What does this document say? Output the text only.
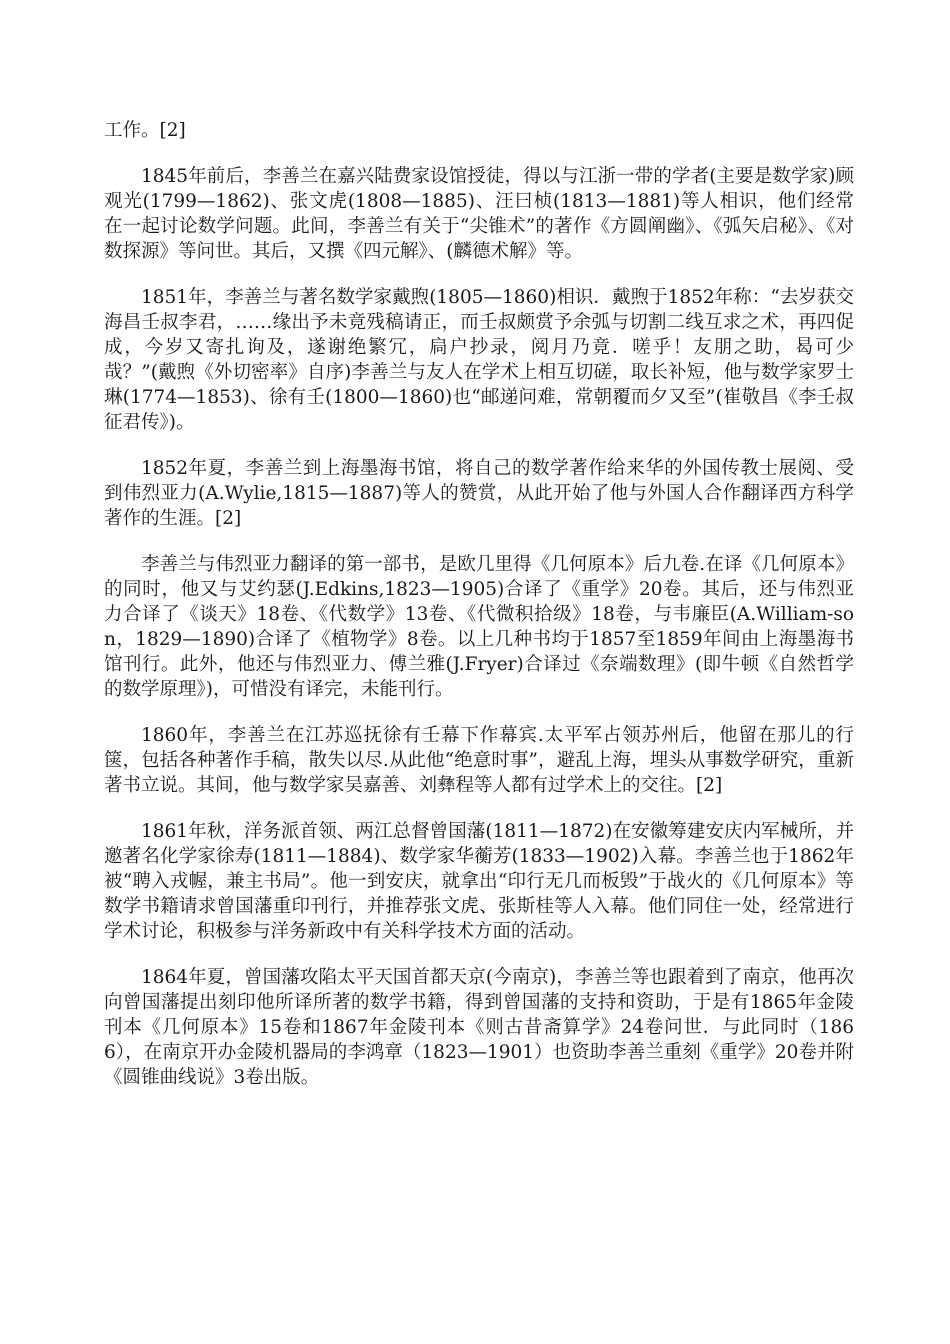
工作。[2]

1845年前后，李善兰在嘉兴陆费家设馆授徒，得以与江浙一带的学者(主要是数学家)顾观光(1799—1862)、张文虎(1808—1885)、汪曰桢(1813—1881)等人相识，他们经常在一起讨论数学问题。此间，李善兰有关于“尖锥术”的著作《方圆阐幽》、《弧矢启秘》、《对数探源》等问世。其后，又撰《四元解》、(麟德术解》等。

1851年，李善兰与著名数学家戴煦(1805—1860)相识．戴煦于1852年称：“去岁获交海昌壬叔李君，……缘出予未竟残稿请正，而壬叔颇赏予余弧与切割二线互求之术，再四促成，今岁又寄扎询及，遂谢绝繁冗，扃户抄录，阅月乃竟．嗟乎！友朋之助，曷可少哉？”(戴煦《外切密率》自序)李善兰与友人在学术上相互切磋，取长补短，他与数学家罗士琳(1774—1853)、徐有壬(1800—1860)也“邮递问难，常朝覆而夕又至”(崔敬昌《李壬叔征君传》)。

1852年夏，李善兰到上海墨海书馆，将自己的数学著作给来华的外国传教士展阅、受到伟烈亚力(A.Wylie,1815—1887)等人的赞赏，从此开始了他与外国人合作翻译西方科学著作的生涯。[2]

李善兰与伟烈亚力翻译的第一部书，是欧几里得《几何原本》后九卷.在译《几何原本》的同时，他又与艾约瑟(J.Edkins,1823—1905)合译了《重学》20卷。其后，还与伟烈亚力合译了《谈天》18卷、《代数学》13卷、《代微积拾级》18卷，与韦廉臣(A.William-son，1829—1890)合译了《植物学》8卷。以上几种书均于1857至1859年间由上海墨海书馆刊行。此外，他还与伟烈亚力、傅兰雅(J.Fryer)合译过《奈端数理》(即牛顿《自然哲学的数学原理》)，可惜没有译完，未能刊行。

1860年，李善兰在江苏巡抚徐有壬幕下作幕宾.太平军占领苏州后，他留在那儿的行箧，包括各种著作手稿，散失以尽.从此他“绝意时事”，避乱上海，埋头从事数学研究，重新著书立说。其间，他与数学家吴嘉善、刘彝程等人都有过学术上的交往。[2]

1861年秋，洋务派首领、两江总督曾国藩(1811—1872)在安徽筹建安庆内军械所，并邀著名化学家徐寿(1811—1884)、数学家华蘅芳(1833—1902)入幕。李善兰也于1862年被“聘入戎幄，兼主书局”。他一到安庆，就拿出“印行无几而板毁”于战火的《几何原本》等数学书籍请求曾国藩重印刊行，并推荐张文虎、张斯桂等人入幕。他们同住一处，经常进行学术讨论，积极参与洋务新政中有关科学技术方面的活动。

1864年夏，曾国藩攻陷太平天国首都天京(今南京)，李善兰等也跟着到了南京，他再次向曾国藩提出刻印他所译所著的数学书籍，得到曾国藩的支持和资助，于是有1865年金陵刊本《几何原本》15卷和1867年金陵刊本《则古昔斋算学》24卷问世．与此同时（1866），在南京开办金陵机器局的李鸿章（1823—1901）也资助李善兰重刻《重学》20卷并附《圆锥曲线说》3卷出版。
